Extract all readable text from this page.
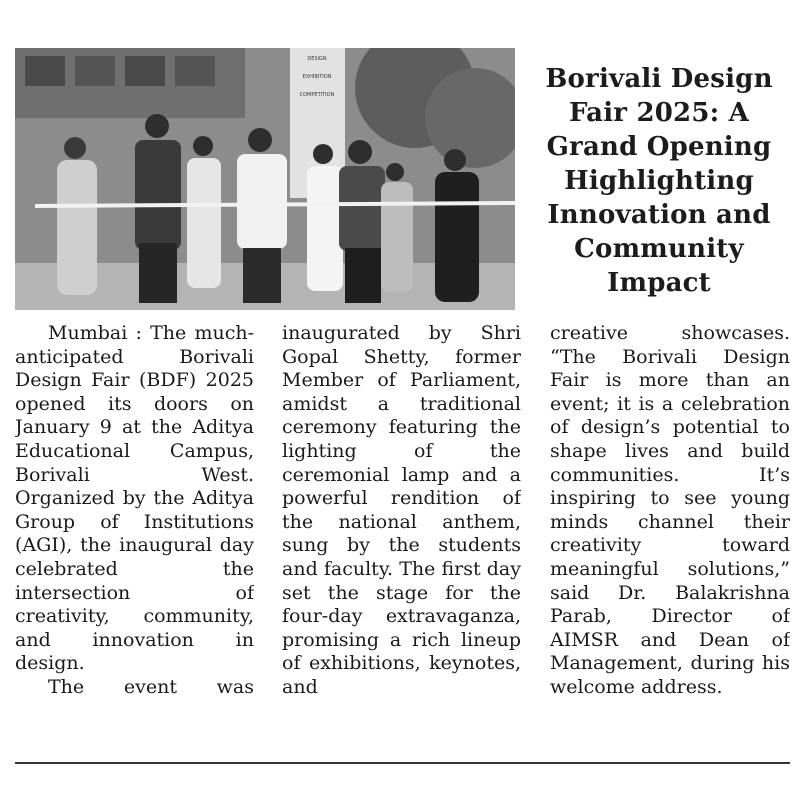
DESIGN
EXHIBITION
COMPETITION
Borivali Design Fair 2025: A Grand Opening Highlighting Innovation and Community Impact

Mumbai : The much-anticipated Borivali Design Fair (BDF) 2025 opened its doors on January 9 at the Aditya Educational Campus, Borivali West. Organized by the Aditya Group of Institutions (AGI), the inaugural day celebrated the intersection of creativity, community, and innovation in design.

The event was

inaugurated by Shri Gopal Shetty, former Member of Parliament, amidst a traditional ceremony featuring the lighting of the ceremonial lamp and a powerful rendition of the national anthem, sung by the students and faculty. The first day set the stage for the four-day extravaganza, promising a rich lineup of exhibitions, keynotes, and

creative showcases. “The Borivali Design Fair is more than an event; it is a celebration of design’s potential to shape lives and build communities. It’s inspiring to see young minds channel their creativity toward meaningful solutions,” said Dr. Balakrishna Parab, Director of AIMSR and Dean of Management, during his welcome address.
